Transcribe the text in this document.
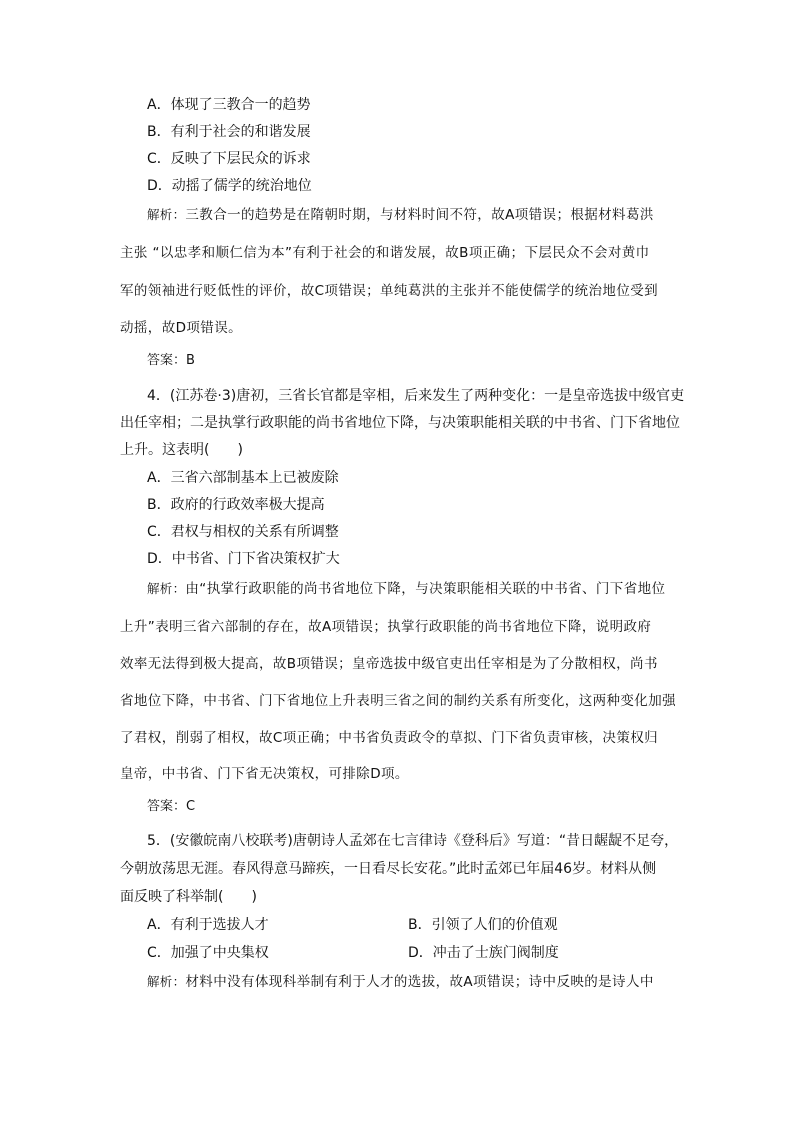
A．体现了三教合一的趋势
B．有利于社会的和谐发展
C．反映了下层民众的诉求
D．动摇了儒学的统治地位
解析：三教合一的趋势是在隋朝时期，与材料时间不符，故A项错误；根据材料葛洪
主张 “以忠孝和顺仁信为本”有利于社会的和谐发展，故B项正确；下层民众不会对黄巾
军的领袖进行贬低性的评价，故C项错误；单纯葛洪的主张并不能使儒学的统治地位受到
动摇，故D项错误。
答案：B
4．(江苏卷·3)唐初，三省长官都是宰相，后来发生了两种变化：一是皇帝选拔中级官吏
出任宰相；二是执掌行政职能的尚书省地位下降，与决策职能相关联的中书省、门下省地位
上升。这表明(　　)
A．三省六部制基本上已被废除
B．政府的行政效率极大提高
C．君权与相权的关系有所调整
D．中书省、门下省决策权扩大
解析：由“执掌行政职能的尚书省地位下降，与决策职能相关联的中书省、门下省地位
上升”表明三省六部制的存在，故A项错误；执掌行政职能的尚书省地位下降，说明政府
效率无法得到极大提高，故B项错误；皇帝选拔中级官吏出任宰相是为了分散相权，尚书
省地位下降，中书省、门下省地位上升表明三省之间的制约关系有所变化，这两种变化加强
了君权，削弱了相权，故C项正确；中书省负责政令的草拟、门下省负责审核，决策权归
皇帝，中书省、门下省无决策权，可排除D项。
答案：C
5．(安徽皖南八校联考)唐朝诗人孟郊在七言律诗《登科后》写道：“昔日龌龊不足夸，
今朝放荡思无涯。春风得意马蹄疾，一日看尽长安花。”此时孟郊已年届46岁。材料从侧
面反映了科举制(　　)
A．有利于选拔人才	B．引领了人们的价值观
C．加强了中央集权	D．冲击了士族门阀制度
解析：材料中没有体现科举制有利于人才的选拔，故A项错误；诗中反映的是诗人中
